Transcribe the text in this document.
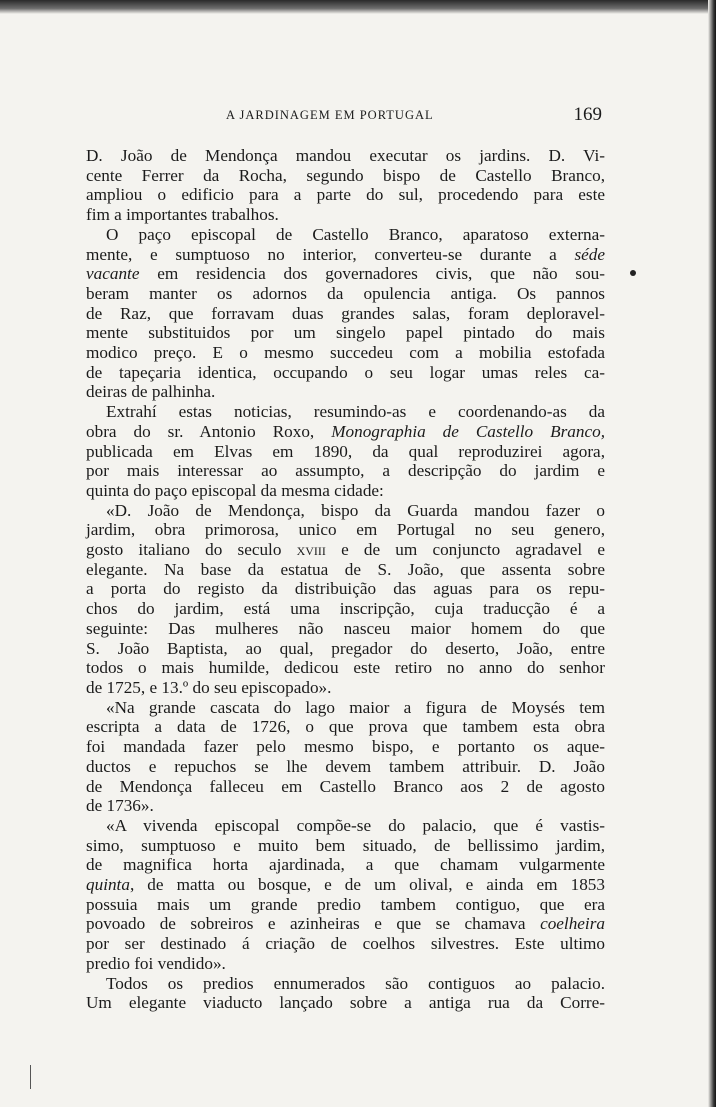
A JARDINAGEM EM PORTUGAL	169
D. João de Mendonça mandou executar os jardins. D. Vi-
cente Ferrer da Rocha, segundo bispo de Castello Branco,
ampliou o edificio para a parte do sul, procedendo para este
fim a importantes trabalhos.
O paço episcopal de Castello Branco, aparatoso externa-
mente, e sumptuoso no interior, converteu-se durante a séde
vacante em residencia dos governadores civis, que não sou-
beram manter os adornos da opulencia antiga. Os pannos
de Raz, que forravam duas grandes salas, foram deploravel-
mente substituidos por um singelo papel pintado do mais
modico preço. E o mesmo succedeu com a mobilia estofada
de tapeçaria identica, occupando o seu logar umas reles ca-
deiras de palhinha.
Extrahí estas noticias, resumindo-as e coordenando-as da
obra do sr. Antonio Roxo, Monographia de Castello Branco,
publicada em Elvas em 1890, da qual reproduzirei agora,
por mais interessar ao assumpto, a descripção do jardim e
quinta do paço episcopal da mesma cidade:
«D. João de Mendonça, bispo da Guarda mandou fazer o
jardim, obra primorosa, unico em Portugal no seu genero,
gosto italiano do seculo xviii e de um conjuncto agradavel e
elegante. Na base da estatua de S. João, que assenta sobre
a porta do registo da distribuição das aguas para os repu-
chos do jardim, está uma inscripção, cuja traducção é a
seguinte: Das mulheres não nasceu maior homem do que
S. João Baptista, ao qual, pregador do deserto, João, entre
todos o mais humilde, dedicou este retiro no anno do senhor
de 1725, e 13.º do seu episcopado».
«Na grande cascata do lago maior a figura de Moysés tem
escripta a data de 1726, o que prova que tambem esta obra
foi mandada fazer pelo mesmo bispo, e portanto os aque-
ductos e repuchos se lhe devem tambem attribuir. D. João
de Mendonça falleceu em Castello Branco aos 2 de agosto
de 1736».
«A vivenda episcopal compõe-se do palacio, que é vastis-
simo, sumptuoso e muito bem situado, de bellissimo jardim,
de magnifica horta ajardinada, a que chamam vulgarmente
quinta, de matta ou bosque, e de um olival, e ainda em 1853
possuia mais um grande predio tambem contiguo, que era
povoado de sobreiros e azinheiras e que se chamava coelheira
por ser destinado á criação de coelhos silvestres. Este ultimo
predio foi vendido».
Todos os predios ennumerados são contiguos ao palacio.
Um elegante viaducto lançado sobre a antiga rua da Corre-
